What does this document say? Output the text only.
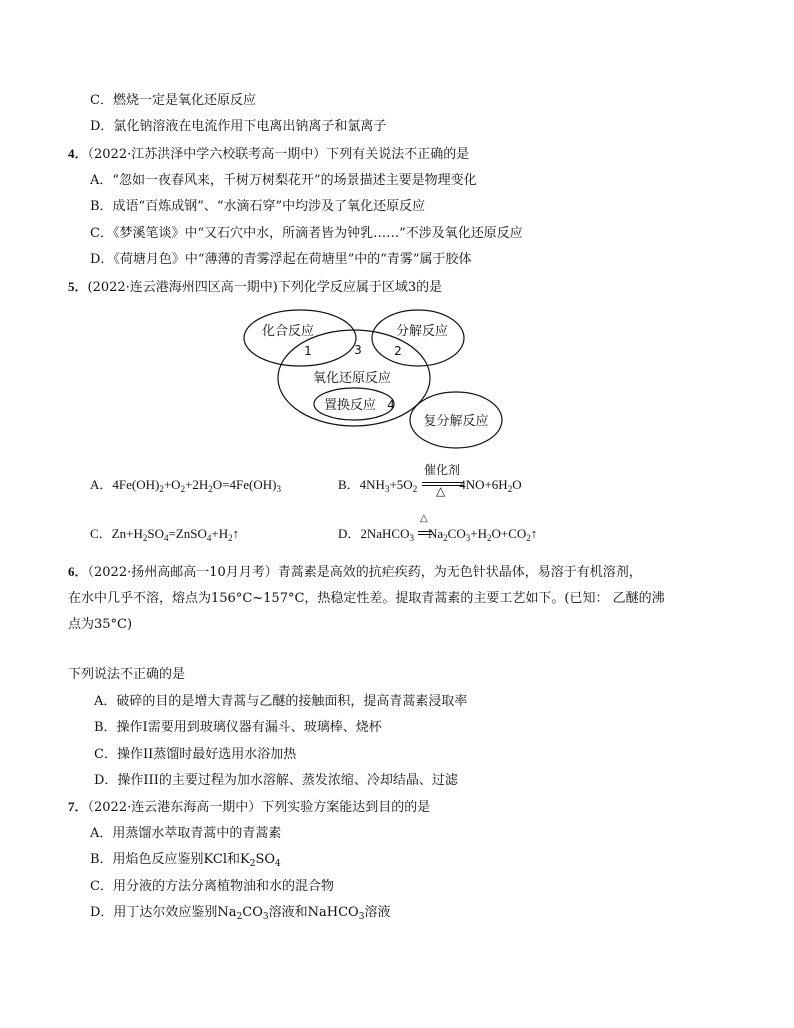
C．燃烧一定是氧化还原反应
D．氯化钠溶液在电流作用下电离出钠离子和氯离子
4．（2022·江苏洪泽中学六校联考高一期中）下列有关说法不正确的是
A．“忽如一夜春风来，千树万树梨花开”的场景描述主要是物理变化
B．成语“百炼成钢”、“水滴石穿”中均涉及了氧化还原反应
C．《梦溪笔谈》中“又石穴中水，所滴者皆为钟乳……”不涉及氧化还原反应
D．《荷塘月色》中“薄薄的青雾浮起在荷塘里”中的“青雾”属于胶体
5．(2022·连云港海州四区高一期中)下列化学反应属于区域3的是
化合反应	分解反应
氧化还原反应
置换反应
复分解反应
1	2
3
4
A．$4Fe(OH)_2+O_2+2H_2O=4Fe(OH)_3$	B．$4NH_3+5O_2$	$4NO+6H_2O$
催化剂
△
C．$Zn+H_2SO_4=ZnSO_4+H_2↑$	D．2NaHCO$_3$ $Na_2CO_3+H_2O+CO_2↑$
△
6．（2022·扬州高邮高一10月月考）青蒿素是高效的抗疟疾药，为无色针状晶体，易溶于有机溶剂，
在水中几乎不溶，熔点为156°C~157°C，热稳定性差。提取青蒿素的主要工艺如下。(已知： 乙醚的沸
点为35°C)
下列说法不正确的是
A．破碎的目的是增大青蒿与乙醚的接触面积，提高青蒿素浸取率
B．操作I需要用到玻璃仪器有漏斗、玻璃棒、烧杯
C．操作II蒸馏时最好选用水浴加热
D．操作III的主要过程为加水溶解、蒸发浓缩、冷却结晶、过滤
7．（2022·连云港东海高一期中）下列实验方案能达到目的的是
A．用蒸馏水萃取青蒿中的青蒿素
B．用焰色反应鉴别KCl和$K_2SO_4$
C．用分液的方法分离植物油和水的混合物
D．用丁达尔效应鉴别$Na_2CO_3$溶液和NaHCO$_3$溶液
